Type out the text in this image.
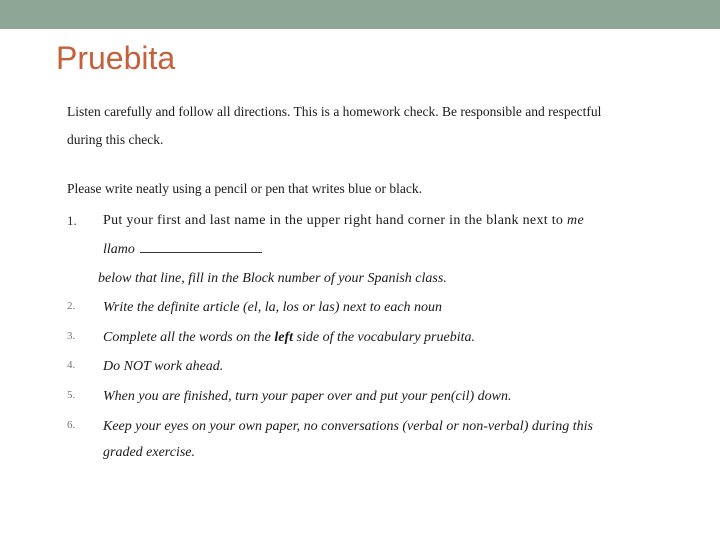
Pruebita
Listen carefully and follow all directions. This is a homework check. Be responsible and respectful
during this check.
Please write neatly using a pencil or pen that writes blue or black.
1.	Put your first and last name in the upper right hand corner in the blank next to me
llamo
below that line, fill in the Block number of your Spanish class.
2.	Write the definite article (el, la, los or las) next to each noun
3.	Complete all the words on the left side of the vocabulary pruebita.
4.	Do NOT work ahead.
5.	When you are finished, turn your paper over and put your pen(cil) down.
6.	Keep your eyes on your own paper, no conversations (verbal or non-verbal) during this
graded exercise.
